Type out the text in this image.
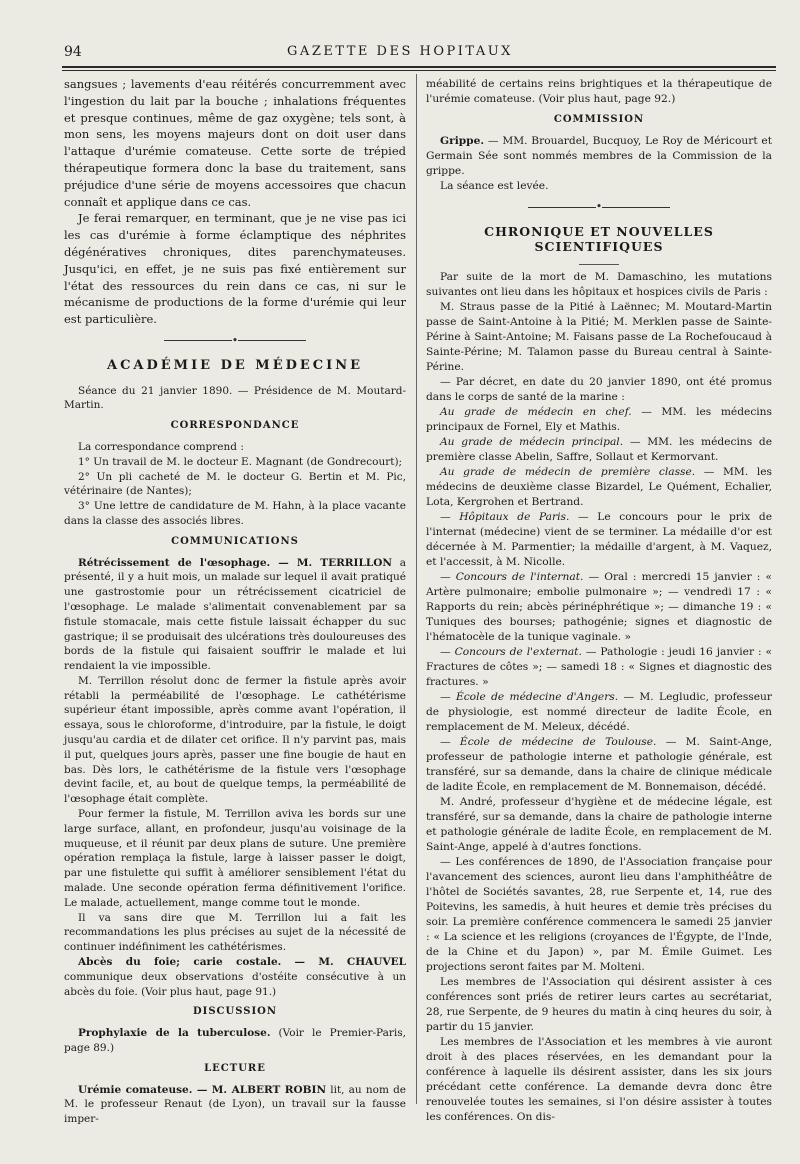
94	GAZETTE DES HOPITAUX

sangsues ; lavements d'eau réitérés concurremment avec l'ingestion du lait par la bouche ; inhalations fréquentes et presque continues, même de gaz oxygène; tels sont, à mon sens, les moyens majeurs dont on doit user dans l'attaque d'urémie comateuse. Cette sorte de trépied thérapeutique formera donc la base du traitement, sans préjudice d'une série de moyens accessoires que chacun connaît et applique dans ce cas.

Je ferai remarquer, en terminant, que je ne vise pas ici les cas d'urémie à forme éclamptique des néphrites dégénératives chroniques, dites parenchymateuses. Jusqu'ici, en effet, je ne suis pas fixé entièrement sur l'état des ressources du rein dans ce cas, ni sur le mécanisme de productions de la forme d'urémie qui leur est particulière.

•
ACADÉMIE DE MÉDECINE

Séance du 21 janvier 1890. — Présidence de M. Moutard-Martin.

CORRESPONDANCE

La correspondance comprend :

1° Un travail de M. le docteur E. Magnant (de Gondrecourt);

2° Un pli cacheté de M. le docteur G. Bertin et M. Pic, vétérinaire (de Nantes);

3° Une lettre de candidature de M. Hahn, à la place vacante dans la classe des associés libres.

COMMUNICATIONS

Rétrécissement de l'œsophage. — M. TERRILLON a présenté, il y a huit mois, un malade sur lequel il avait pratiqué une gastrostomie pour un rétrécissement cicatriciel de l'œsophage. Le malade s'alimentait convenablement par sa fistule stomacale, mais cette fistule laissait échapper du suc gastrique; il se produisait des ulcérations très douloureuses des bords de la fistule qui faisaient souffrir le malade et lui rendaient la vie impossible.

M. Terrillon résolut donc de fermer la fistule après avoir rétabli la perméabilité de l'œsophage. Le cathétérisme supérieur étant impossible, après comme avant l'opération, il essaya, sous le chloroforme, d'introduire, par la fistule, le doigt jusqu'au cardia et de dilater cet orifice. Il n'y parvint pas, mais il put, quelques jours après, passer une fine bougie de haut en bas. Dès lors, le cathétérisme de la fistule vers l'œsophage devint facile, et, au bout de quelque temps, la perméabilité de l'œsophage était complète.

Pour fermer la fistule, M. Terrillon aviva les bords sur une large surface, allant, en profondeur, jusqu'au voisinage de la muqueuse, et il réunit par deux plans de suture. Une première opération remplaça la fistule, large à laisser passer le doigt, par une fistulette qui suffit à améliorer sensiblement l'état du malade. Une seconde opération ferma définitivement l'orifice. Le malade, actuellement, mange comme tout le monde.

Il va sans dire que M. Terrillon lui a fait les recommandations les plus précises au sujet de la nécessité de continuer indéfiniment les cathétérismes.

Abcès du foie; carie costale. — M. CHAUVEL communique deux observations d'ostéite consécutive à un abcès du foie. (Voir plus haut, page 91.)

DISCUSSION

Prophylaxie de la tuberculose. (Voir le Premier-Paris, page 89.)

LECTURE

Urémie comateuse. — M. ALBERT ROBIN lit, au nom de M. le professeur Renaut (de Lyon), un travail sur la fausse imper-

méabilité de certains reins brightiques et la thérapeutique de l'urémie comateuse. (Voir plus haut, page 92.)

COMMISSION

Grippe. — MM. Brouardel, Bucquoy, Le Roy de Méricourt et Germain Sée sont nommés membres de la Commission de la grippe.

La séance est levée.

•
CHRONIQUE ET NOUVELLES SCIENTIFIQUES

Par suite de la mort de M. Damaschino, les mutations suivantes ont lieu dans les hôpitaux et hospices civils de Paris :

M. Straus passe de la Pitié à Laënnec; M. Moutard-Martin passe de Saint-Antoine à la Pitié; M. Merklen passe de Sainte-Périne à Saint-Antoine; M. Faisans passe de La Rochefoucaud à Sainte-Périne; M. Talamon passe du Bureau central à Sainte-Périne.

— Par décret, en date du 20 janvier 1890, ont été promus dans le corps de santé de la marine :

Au grade de médecin en chef. — MM. les médecins principaux de Fornel, Ely et Mathis.

Au grade de médecin principal. — MM. les médecins de première classe Abelin, Saffre, Sollaut et Kermorvant.

Au grade de médecin de première classe. — MM. les médecins de deuxième classe Bizardel, Le Quément, Echalier, Lota, Kergrohen et Bertrand.

— Hôpitaux de Paris. — Le concours pour le prix de l'internat (médecine) vient de se terminer. La médaille d'or est décernée à M. Parmentier; la médaille d'argent, à M. Vaquez, et l'accessit, à M. Nicolle.

— Concours de l'internat. — Oral : mercredi 15 janvier : « Artère pulmonaire; embolie pulmonaire »; — vendredi 17 : « Rapports du rein; abcès périnéphrétique »; — dimanche 19 : « Tuniques des bourses; pathogénie; signes et diagnostic de l'hématocèle de la tunique vaginale. »

— Concours de l'externat. — Pathologie : jeudi 16 janvier : « Fractures de côtes »; — samedi 18 : « Signes et diagnostic des fractures. »

— École de médecine d'Angers. — M. Legludic, professeur de physiologie, est nommé directeur de ladite École, en remplacement de M. Meleux, décédé.

— École de médecine de Toulouse. — M. Saint-Ange, professeur de pathologie interne et pathologie générale, est transféré, sur sa demande, dans la chaire de clinique médicale de ladite École, en remplacement de M. Bonnemaison, décédé.

M. André, professeur d'hygiène et de médecine légale, est transféré, sur sa demande, dans la chaire de pathologie interne et pathologie générale de ladite École, en remplacement de M. Saint-Ange, appelé à d'autres fonctions.

— Les conférences de 1890, de l'Association française pour l'avancement des sciences, auront lieu dans l'amphithéâtre de l'hôtel de Sociétés savantes, 28, rue Serpente et, 14, rue des Poitevins, les samedis, à huit heures et demie très précises du soir. La première conférence commencera le samedi 25 janvier : « La science et les religions (croyances de l'Égypte, de l'Inde, de la Chine et du Japon) », par M. Émile Guimet. Les projections seront faites par M. Molteni.

Les membres de l'Association qui désirent assister à ces conférences sont priés de retirer leurs cartes au secrétariat, 28, rue Serpente, de 9 heures du matin à cinq heures du soir, à partir du 15 janvier.

Les membres de l'Association et les membres à vie auront droit à des places réservées, en les demandant pour la conférence à laquelle ils désirent assister, dans les six jours précédant cette conférence. La demande devra donc être renouvelée toutes les semaines, si l'on désire assister à toutes les conférences. On dis-
